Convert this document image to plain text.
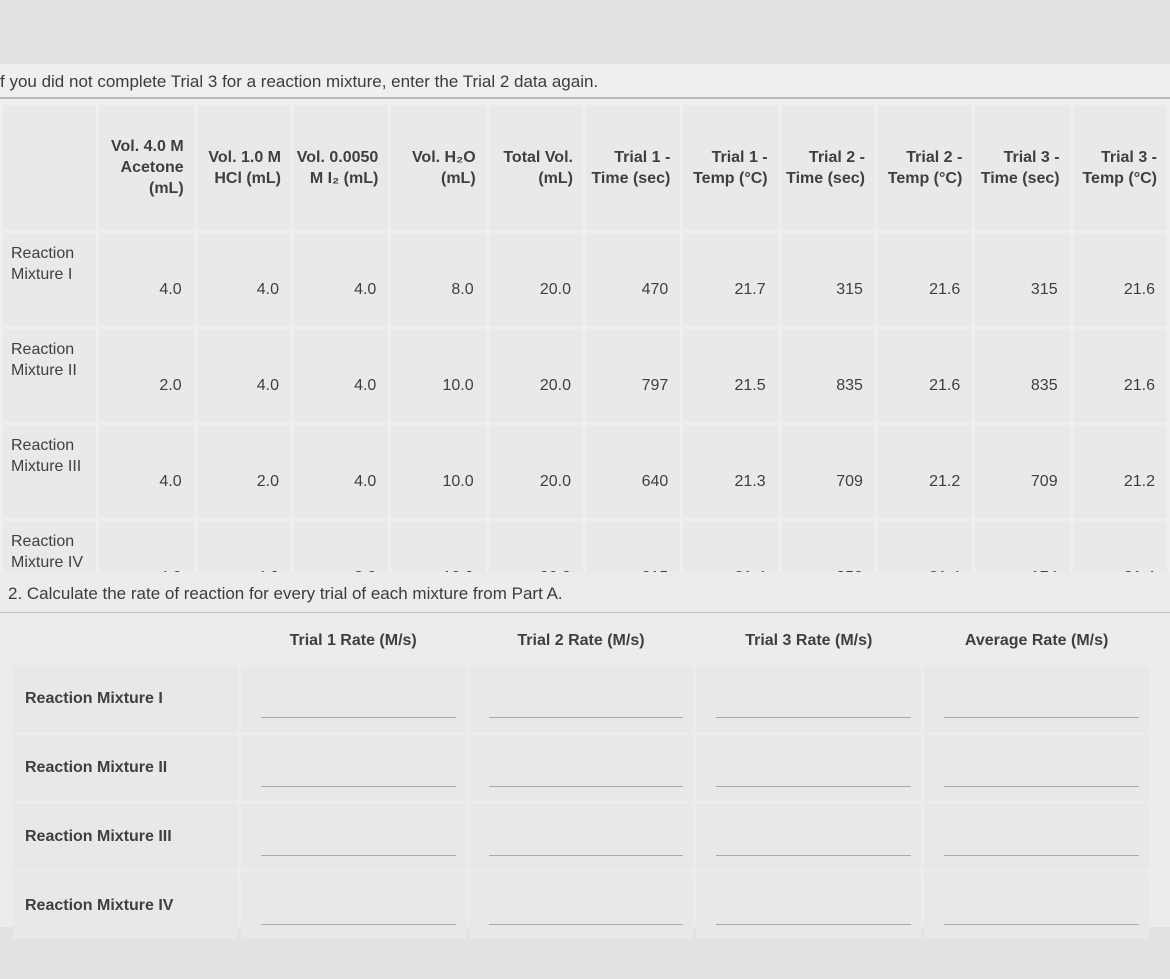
f you did not complete Trial 3 for a reaction mixture, enter the Trial 2 data again.
	Vol. 4.0 M Acetone (mL)	Vol. 1.0 M HCl (mL)	Vol. 0.0050 M I₂ (mL)	Vol. H₂O (mL)	Total Vol. (mL)	Trial 1 - Time (sec)	Trial 1 - Temp (°C)	Trial 2 - Time (sec)	Trial 2 - Temp (°C)	Trial 3 - Time (sec)	Trial 3 - Temp (°C)
Reaction Mixture I	4.0	4.0	4.0	8.0	20.0	470	21.7	315	21.6	315	21.6
Reaction Mixture II	2.0	4.0	4.0	10.0	20.0	797	21.5	835	21.6	835	21.6
Reaction Mixture III	4.0	2.0	4.0	10.0	20.0	640	21.3	709	21.2	709	21.2
Reaction Mixture IV											
2. Calculate the rate of reaction for every trial of each mixture from Part A.
	Trial 1 Rate (M/s)	Trial 2 Rate (M/s)	Trial 3 Rate (M/s)	Average Rate (M/s)
Reaction Mixture I	

Reaction Mixture II	

Reaction Mixture III	

Reaction Mixture IV	
